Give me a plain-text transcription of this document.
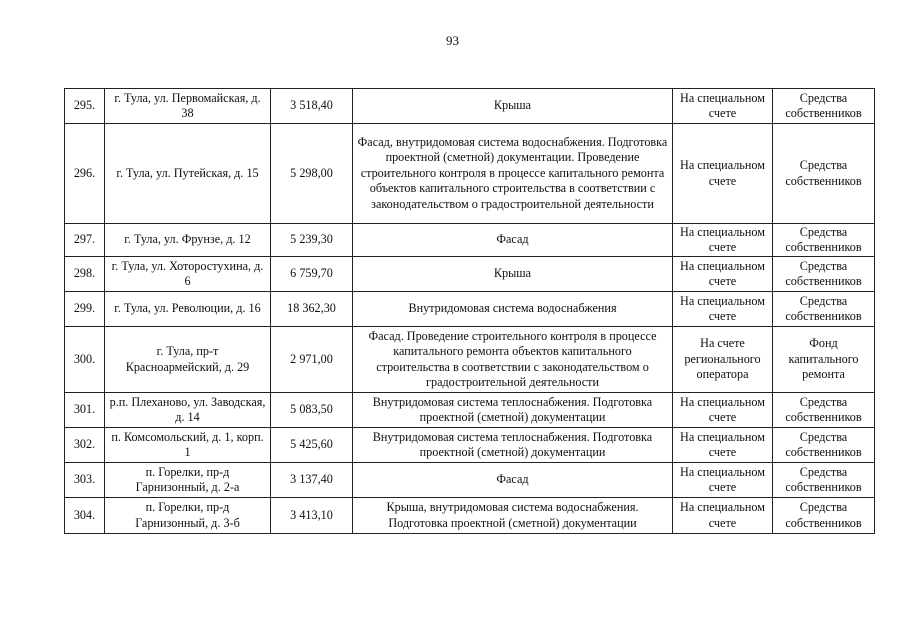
93
295.	г. Тула, ул. Первомайская, д. 38	3 518,40	Крыша	На специальном счете	Средства собственников
296.	г. Тула, ул. Путейская, д. 15	5 298,00	Фасад, внутридомовая система водоснабжения. Подготовка проектной (сметной) документации. Проведение строительного контроля в процессе капитального ремонта объектов капитального строительства в соответствии с законодательством о градостроительной деятельности	На специальном счете	Средства собственников
297.	г. Тула, ул. Фрунзе, д. 12	5 239,30	Фасад	На специальном счете	Средства собственников
298.	г. Тула, ул. Хоторостухина, д. 6	6 759,70	Крыша	На специальном счете	Средства собственников
299.	г. Тула, ул. Революции, д. 16	18 362,30	Внутридомовая система водоснабжения	На специальном счете	Средства собственников
300.	г. Тула, пр-т Красноармейский, д. 29	2 971,00	Фасад. Проведение строительного контроля в процессе капитального ремонта объектов капитального строительства в соответствии с законодательством о градостроительной деятельности	На счете регионального оператора	Фонд капитального ремонта
301.	р.п. Плеханово, ул. Заводская, д. 14	5 083,50	Внутридомовая система теплоснабжения. Подготовка проектной (сметной) документации	На специальном счете	Средства собственников
302.	п. Комсомольский, д. 1, корп. 1	5 425,60	Внутридомовая система теплоснабжения. Подготовка проектной (сметной) документации	На специальном счете	Средства собственников
303.	п. Горелки, пр-д Гарнизонный, д. 2-а	3 137,40	Фасад	На специальном счете	Средства собственников
304.	п. Горелки, пр-д Гарнизонный, д. 3-б	3 413,10	Крыша, внутридомовая система водоснабжения. Подготовка проектной (сметной) документации	На специальном счете	Средства собственников
